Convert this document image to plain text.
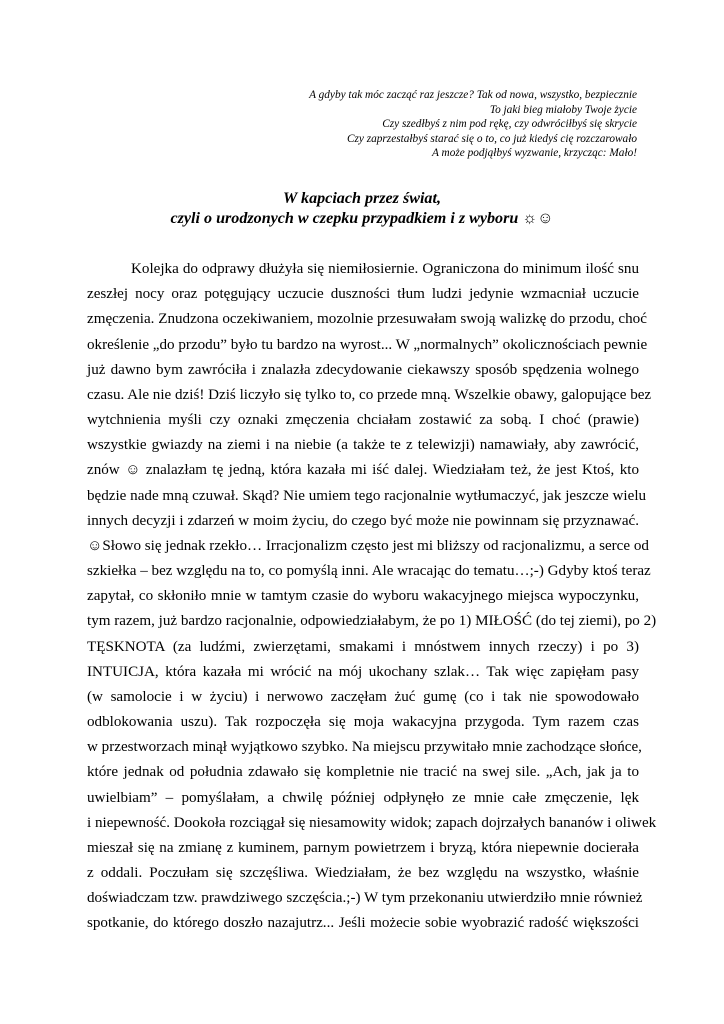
A gdyby tak móc zacząć raz jeszcze? Tak od nowa, wszystko, bezpiecznie
To jaki bieg miałoby Twoje życie
Czy szedłbyś z nim pod rękę, czy odwróciłbyś się skrycie
Czy zaprzestałbyś starać się o to, co już kiedyś cię rozczarowało
A może podjąłbyś wyzwanie, krzycząc: Mało!
W kapciach przez świat,
czyli o urodzonych w czepku przypadkiem i z wyboru ☼☺
Kolejka do odprawy dłużyła się niemiłosiernie. Ograniczona do minimum ilość snu
zeszłej nocy oraz potęgujący uczucie duszności tłum ludzi jedynie wzmacniał uczucie
zmęczenia. Znudzona oczekiwaniem, mozolnie przesuwałam swoją walizkę do przodu, choć
określenie „do przodu” było tu bardzo na wyrost... W „normalnych” okolicznościach pewnie
już dawno bym zawróciła i znalazła zdecydowanie ciekawszy sposób spędzenia wolnego
czasu. Ale nie dziś! Dziś liczyło się tylko to, co przede mną. Wszelkie obawy, galopujące bez
wytchnienia myśli czy oznaki zmęczenia chciałam zostawić za sobą. I choć (prawie)
wszystkie gwiazdy na ziemi i na niebie (a także te z telewizji) namawiały, aby zawrócić,
znów ☺ znalazłam tę jedną, która kazała mi iść dalej. Wiedziałam też, że jest Ktoś, kto
będzie nade mną czuwał. Skąd? Nie umiem tego racjonalnie wytłumaczyć, jak jeszcze wielu
innych decyzji i zdarzeń w moim życiu, do czego być może nie powinnam się przyznawać.
☺Słowo się jednak rzekło… Irracjonalizm często jest mi bliższy od racjonalizmu, a serce od
szkiełka – bez względu na to, co pomyślą inni. Ale wracając do tematu…;-) Gdyby ktoś teraz
zapytał, co skłoniło mnie w tamtym czasie do wyboru wakacyjnego miejsca wypoczynku,
tym razem, już bardzo racjonalnie, odpowiedziałabym, że po 1) MIŁOŚĆ (do tej ziemi), po 2)
TĘSKNOTA (za ludźmi, zwierzętami, smakami i mnóstwem innych rzeczy) i po 3)
INTUICJA, która kazała mi wrócić na mój ukochany szlak… Tak więc zapięłam pasy
(w samolocie i w życiu) i nerwowo zaczęłam żuć gumę (co i tak nie spowodowało
odblokowania uszu). Tak rozpoczęła się moja wakacyjna przygoda. Tym razem czas
w przestworzach minął wyjątkowo szybko. Na miejscu przywitało mnie zachodzące słońce,
które jednak od południa zdawało się kompletnie nie tracić na swej sile. „Ach, jak ja to
uwielbiam” – pomyślałam, a chwilę później odpłynęło ze mnie całe zmęczenie, lęk
i niepewność. Dookoła rozciągał się niesamowity widok; zapach dojrzałych bananów i oliwek
mieszał się na zmianę z kuminem, parnym powietrzem i bryzą, która niepewnie docierała
z oddali. Poczułam się szczęśliwa. Wiedziałam, że bez względu na wszystko, właśnie
doświadczam tzw. prawdziwego szczęścia.;-) W tym przekonaniu utwierdziło mnie również
spotkanie, do którego doszło nazajutrz... Jeśli możecie sobie wyobrazić radość większości
